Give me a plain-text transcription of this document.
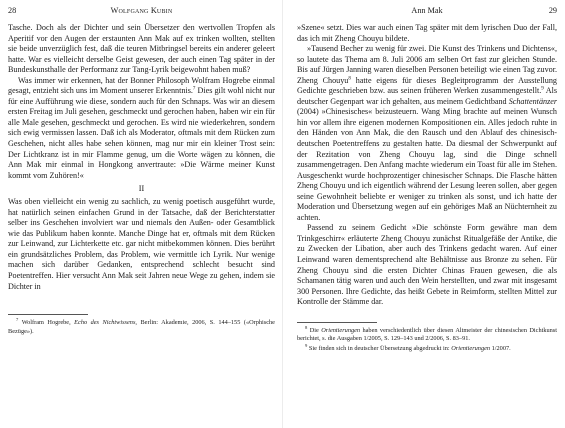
28	Wolfgang Kubin

Tasche. Doch als der Dichter und sein Übersetzer den wertvollen Tropfen als Aperitif vor den Augen der erstaunten Ann Mak auf ex trinken wollten, stellten sie beide unverzüglich fest, daß die teuren Mitbringsel bereits ein anderer geleert hatte. War es vielleicht derselbe Geist gewesen, der auch einen Tag später in der Bundeskunsthalle der Performanz zur Tang-Lyrik beigewohnt haben muß?

Was immer wir erkennen, hat der Bonner Philosoph Wolfram Hogrebe einmal gesagt, entzieht sich uns im Moment unserer Erkenntnis.$^7$ Dies gilt wohl nicht nur für eine Aufführung wie diese, sondern auch für den Schnaps. Was wir an diesem ersten Freitag im Juli gesehen, geschmeckt und gerochen haben, haben wir ein für alle Male gesehen, geschmeckt und gerochen. Es wird nie wiederkehren, sondern sich ewig vermissen lassen. Daß ich als Moderator, oftmals mit dem Rücken zum Geschehen, nicht alles habe sehen können, mag nur mir ein kleiner Trost sein: Der Lichtkranz ist in mir Flamme genug, um die Worte wägen zu können, die Ann Mak mir einmal in Hongkong anvertraute: »Die Wärme meiner Kunst kommt vom Zuhören!«

II

Was oben vielleicht ein wenig zu sachlich, zu wenig poetisch ausgeführt wurde, hat natürlich seinen einfachen Grund in der Tatsache, daß der Berichterstatter selber ins Geschehen involviert war und niemals den Außen- oder Gesamtblick wie das Publikum haben konnte. Manche Dinge hat er, oftmals mit dem Rücken zur Leinwand, zur Lichterkette etc. gar nicht mitbekommen können. Dies berührt ein grundsätzliches Problem, das Problem, wie vermittle ich Lyrik. Nur wenige machen sich darüber Gedanken, entsprechend schlecht besucht sind Poetentreffen. Hier versucht Ann Mak seit Jahren neue Wege zu gehen, indem sie Dichter in

$^7$ Wolfram Hogrebe, Echo des Nichtwissens, Berlin: Akademie, 2006, S. 144–155 («Orphische Bezüge»).

Ann Mak	29

»Szene« setzt. Dies war auch einen Tag später mit dem lyrischen Duo der Fall, das ich mit Zheng Chouyu bildete.

»Tausend Becher zu wenig für zwei. Die Kunst des Trinkens und Dichtens«, so lautete das Thema am 8. Juli 2006 am selben Ort fast zur gleichen Stunde. Bis auf Jürgen Janning waren dieselben Personen beteiligt wie einen Tag zuvor. Zheng Chouyu$^8$ hatte eigens für dieses Begleitprogramm der Ausstellung Gedichte geschrieben bzw. aus seinen früheren Werken zusammengestellt.$^9$ Als deutscher Gegenpart war ich gehalten, aus meinem Gedichtband Schattentänzer (2004) »Chinesisches« beizusteuern. Wang Ming brachte auf meinen Wunsch hin vor allem ihre eigenen modernen Kompositionen ein. Alles jedoch ruhte in den Händen von Ann Mak, die den Rausch und den Ablauf des chinesisch-deutschen Poetentreffens zu gestalten hatte. Da diesmal der Schwerpunkt auf der Rezitation von Zheng Chouyu lag, sind die Dinge schnell zusammengetragen. Den Anfang machte wiederum ein Toast für alle im Stehen. Ausgeschenkt wurde hochprozentiger chinesischer Schnaps. Die Flasche hätten Zheng Chouyu und ich eigentlich während der Lesung leeren sollen, aber gegen seine Gewohnheit beliebte er weniger zu trinken als sonst, und ich hatte der Moderation und Übersetzung wegen auf ein gehöriges Maß an Nüchternheit zu achten.

Passend zu seinem Gedicht »Die schönste Form gewähre man dem Trinkgeschirr« erläuterte Zheng Chouyu zunächst Ritualgefäße der Antike, die zu Zwecken der Libation, aber auch des Trinkens gedacht waren. Auf einer Leinwand waren dementsprechend alte Behältnisse aus Bronze zu sehen. Für Zheng Chouyu sind die ersten Dichter Chinas Frauen gewesen, die als Schamanen tätig waren und auch den Wein herstellten, und zwar mit insgesamt 300 Personen. Ihre Gedichte, das heißt Gebete in Reimform, stellten Mittel zur Kontrolle der Stämme dar.

$^8$ Die Orientierungen haben verschiedentlich über diesen Altmeister der chinesischen Dichtkunst berichtet, s. die Ausgaben 1/2005, S. 129–143 und 2/2006, S. 83–91.

$^9$ Sie finden sich in deutscher Übersetzung abgedruckt in: Orientierungen 1/2007.
